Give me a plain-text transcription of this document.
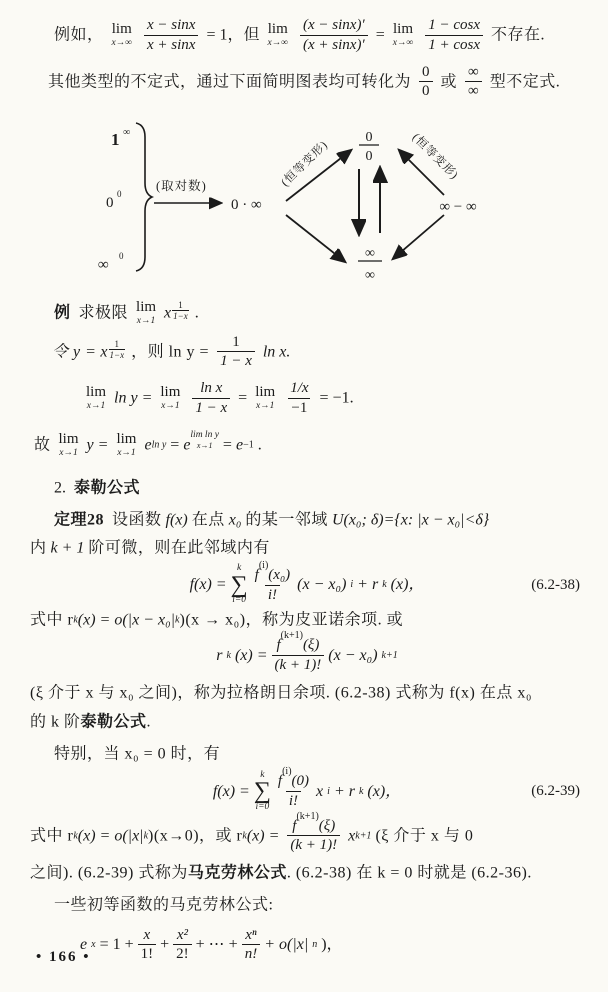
例如， lim
x→∞
$\frac{x - \sin x}{x + \sin x} = 1$，但 lim
x→∞
$\frac{(x - \sin x)'}{(x + \sin x)'} = \lim$
x→∞
$\frac{1 - \cos x}{1 + \cos x}$ 不存在.
其他类型的不定式，通过下面简明图表均可转化为 $\frac{0}{0}$ 或 $\frac{\infty}{\infty}$ 型不定式.
1 ∞
0
0
∞
0
(取对数)
0 · ∞
(恒等变形)
0
0
∞
∞
(恒等变形)
∞ − ∞
例 求极限 lim
x→1 x $\frac{1}{1-x}$ .
令 y = x $\frac{1}{1-x}$ ，则 $\ln y = \frac{1}{1 - x}$ ln x.
lim
x→1 ln y = lim
x→1
$\frac{\text{ln x}}{1 - x} = \lim$
x→1
$\frac{1/x}{-1} = -1$.
故 lim
x→1 y = lim
x→1 eln y = e
$^{lim ln y x\to 1}$ = e−1 .
2. 泰勒公式
定理28 设函数 f(x) 在点 x₀ 的某一邻域 U(x₀; δ)={x: |x − x₀|<δ}
内 k + 1 阶可微，则在此邻域内有
f(x) =
k
∑
i=0 f
(i)
(x₀)
i! (x − x₀) i + r k (x)，	(6.2-38)
式中 rk(x) = o(|x − x₀|k)(x → x₀)，称为皮亚诺余项. 或
r k (x) = f
(k+1)
(ξ)
(k + 1)! (x − x₀) k+1
(ξ 介于 x 与 x₀ 之间)，称为拉格朗日余项. (6.2-38) 式称为 f(x) 在点 x₀
的 k 阶泰勒公式.
特别，当 x₀ = 0 时，有
f(x) =
k
∑
i=0 f
(i)
(0)
i! x i + r k (x)，	(6.2-39)
式中 rk(x) = o(|x|k)(x→0)，或 rk(x) = f
(k+1)
(ξ)
(k + 1)! xk+1 (ξ 介于 x 与 0
之间). (6.2-39) 式称为马克劳林公式. (6.2-38) 在 k = 0 时就是 (6.2-36).
一些初等函数的马克劳林公式:
e $x = 1 + \frac{x}{1!} + \frac{\text{x²}}{2!}$ + ⋯ + $\frac{\text{xⁿ}}{n!} + o(|x|$ n )，
• 166 •
